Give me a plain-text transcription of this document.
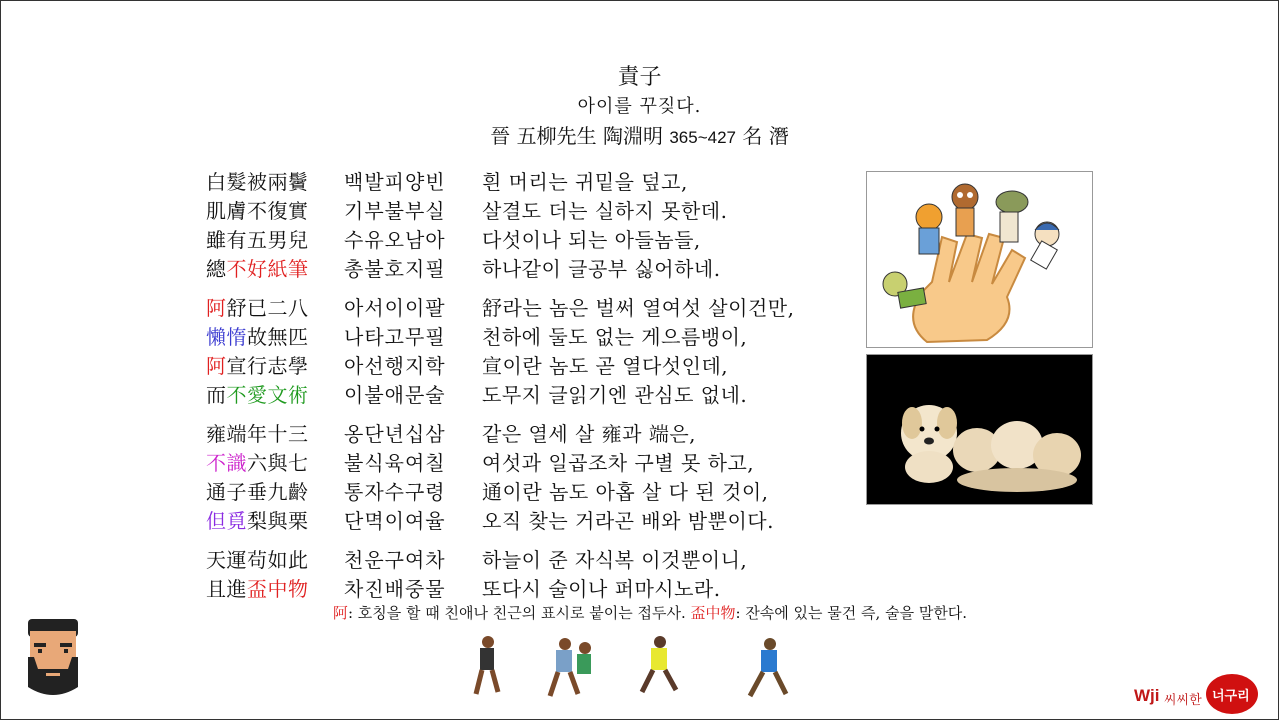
責子
아이를 꾸짖다.
晉 五柳先生 陶淵明 365~427 名 潛
白髮被兩鬢 백발피양빈 흰 머리는 귀밑을 덮고,
肌膚不復實 기부불부실 살결도 더는 실하지 못한데.
雖有五男兒 수유오남아 다섯이나 되는 아들놈들,
總不好紙筆 총불호지필 하나같이 글공부 싫어하네.
阿舒已二八 아서이이팔 舒라는 놈은 벌써 열여섯 살이건만,
懶惰故無匹 나타고무필 천하에 둘도 없는 게으름뱅이,
阿宣行志學 아선행지학 宣이란 놈도 곧 열다섯인데,
而不愛文術 이불애문술 도무지 글읽기엔 관심도 없네.
雍端年十三 옹단년십삼 같은 열세 살 雍과 端은,
不識六與七 불식육여칠 여섯과 일곱조차 구별 못 하고,
通子垂九齡 통자수구령 通이란 놈도 아홉 살 다 된 것이,
但覓梨與栗 단멱이여율 오직 찾는 거라곤 배와 밤뿐이다.
天運茍如此 천운구여차 하늘이 준 자식복 이것뿐이니,
且進盃中物 차진배중물 또다시 술이나 퍼마시노라.
阿: 호칭을 할 때 친애나 친근의 표시로 붙이는 접두사. 盃中物: 잔속에 있는 물건 즉, 술을 말한다.
Wji 씨씨한 너구리
